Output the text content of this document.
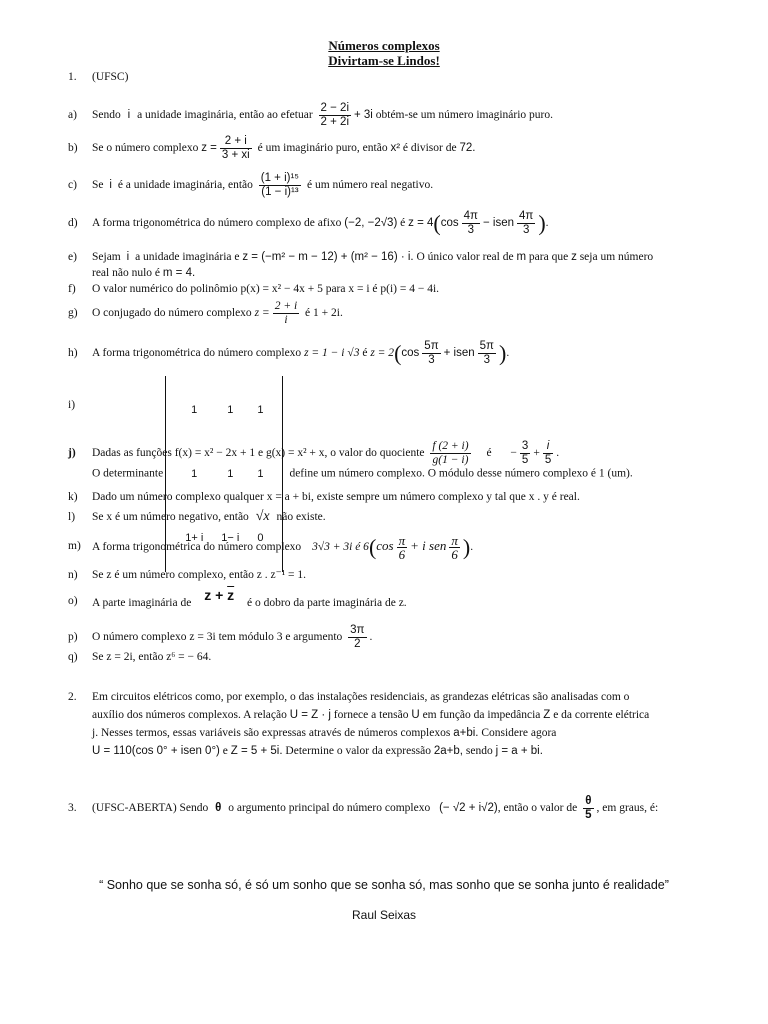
Números complexos
Divirtam-se Lindos!
1. (UFSC)
a) Sendo i a unidade imaginária, então ao efetuar $\frac{2 - 2i}{2 + 2i} + 3i$ obtém-se um número imaginário puro.
b) Se o número complexo $z = \frac{2 + i}{3 + xi}$ é um imaginário puro, então x² é divisor de 72.
c) Se i é a unidade imaginária, então $\frac{\text{(1 + i)¹⁵}}{\text{(1 − i)¹³}}$ é um número real negativo.
d) A forma trigonométrica do número complexo de afixo (−2, −2√3) é $z = 4(\cos \frac{4\pi}{3}$ − isen $\frac{4\pi}{3}$ ).
e) Sejam i a unidade imaginária e z = (−m² − m − 12) + (m² − 16) · i. O único valor real de m para que z seja um número
real não nulo é m = 4.
f) O valor numérico do polinômio p(x) = x² − 4x + 5 para x = i é p(i) = 4 − 4i.
g) O conjugado do número complexo $z = \frac{2 + i}{i}$ é 1 + 2i.
h) A forma trigonométrica do número complexo z = 1 − i √3 é $z = 2(\cos \frac{5\pi}{3}$ + isen $\frac{5\pi}{3}$ ).
i)
O determinante
1	1	1
1	1	1
1+ i	1− i	0
define um número complexo. O módulo desse número complexo é 1 (um).
j) Dadas as funções f(x) = x² − 2x + 1 e g(x) = x² + x, o valor do quociente $\frac{f (2 + i)}{g(1 - i)}$ é − $\frac{3}{5} + \frac{i}{5}$ .
k) Dado um número complexo qualquer x = a + bi, existe sempre um número complexo y tal que x . y é real.
l) Se x é um número negativo, então √x não existe.
m) A forma trigonométrica do número complexo 3√3 + 3i é $6(\cos \frac{\pi}{6} + i$ sen $\frac{\pi}{6}$ ).
n) Se z é um número complexo, então z . z⁻¹ = 1.
o) A parte imaginária de $z + \overline{z}$ é o dobro da parte imaginária de z.
p) O número complexo z = 3i tem módulo 3 e argumento $\frac{3\pi}{2}$ .
q) Se z = 2i, então z⁶ = − 64.
2. Em circuitos elétricos como, por exemplo, o das instalações residenciais, as grandezas elétricas são analisadas com o
auxílio dos números complexos. A relação U = Z · j fornece a tensão U em função da impedância Z e da corrente elétrica
j. Nesses termos, essas variáveis são expressas através de números complexos a+bi. Considere agora
U = 110(cos 0° + isen 0°) e Z = 5 + 5i. Determine o valor da expressão 2a+b, sendo j = a + bi.
3. (UFSC-ABERTA) Sendo θ o argumento principal do número complexo (− √2 + i√2), então o valor de $\frac{\theta}{5}$ , em graus, é:
“ Sonho que se sonha só, é só um sonho que se sonha só, mas sonho que se sonha junto é realidade”
Raul Seixas
